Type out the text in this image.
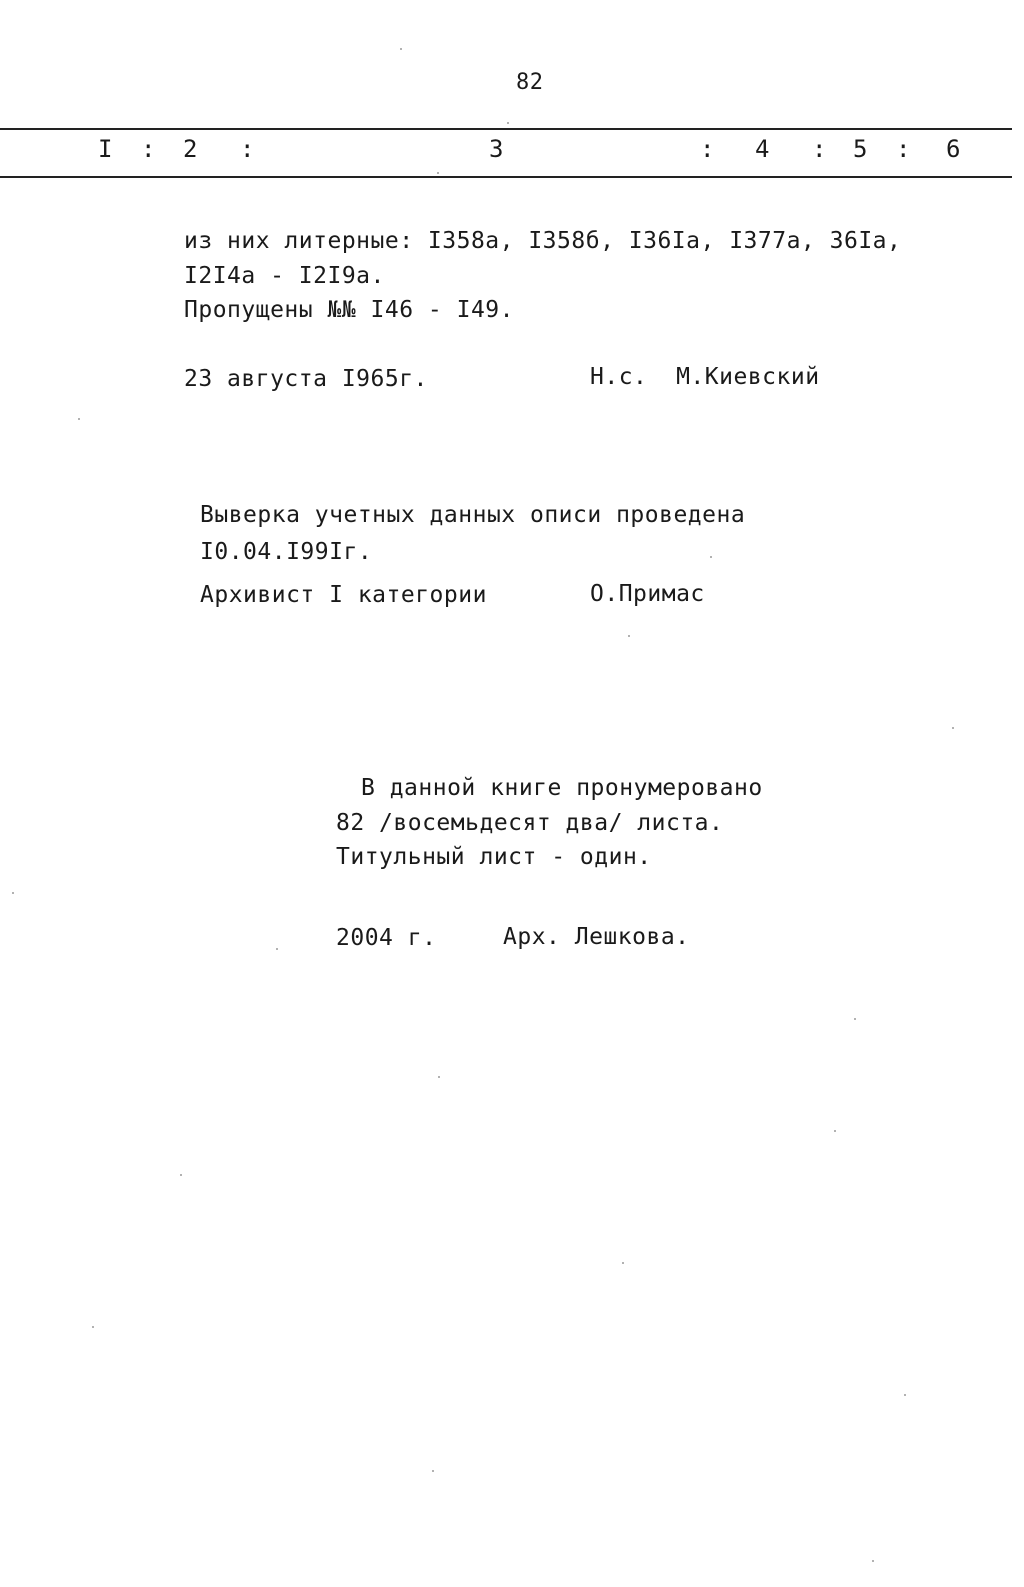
82
I : 2 :	3	: 4 : 5 : 6
из них литерные: I358а, I358б, I36Iа, I377а, 36Iа,
I2I4а - I2I9а.
Пропущены №№ I46 - I49.
23 августа I965г.	Н.с.  М.Киевский
Выверка учетных данных описи проведена
I0.04.I99Iг.
Архивист I категории	О.Примас
В данной книге пронумеровано
82 /восемьдесят два/ листа.
Титульный лист - один.
2004 г.	Арх. Лешкова.
